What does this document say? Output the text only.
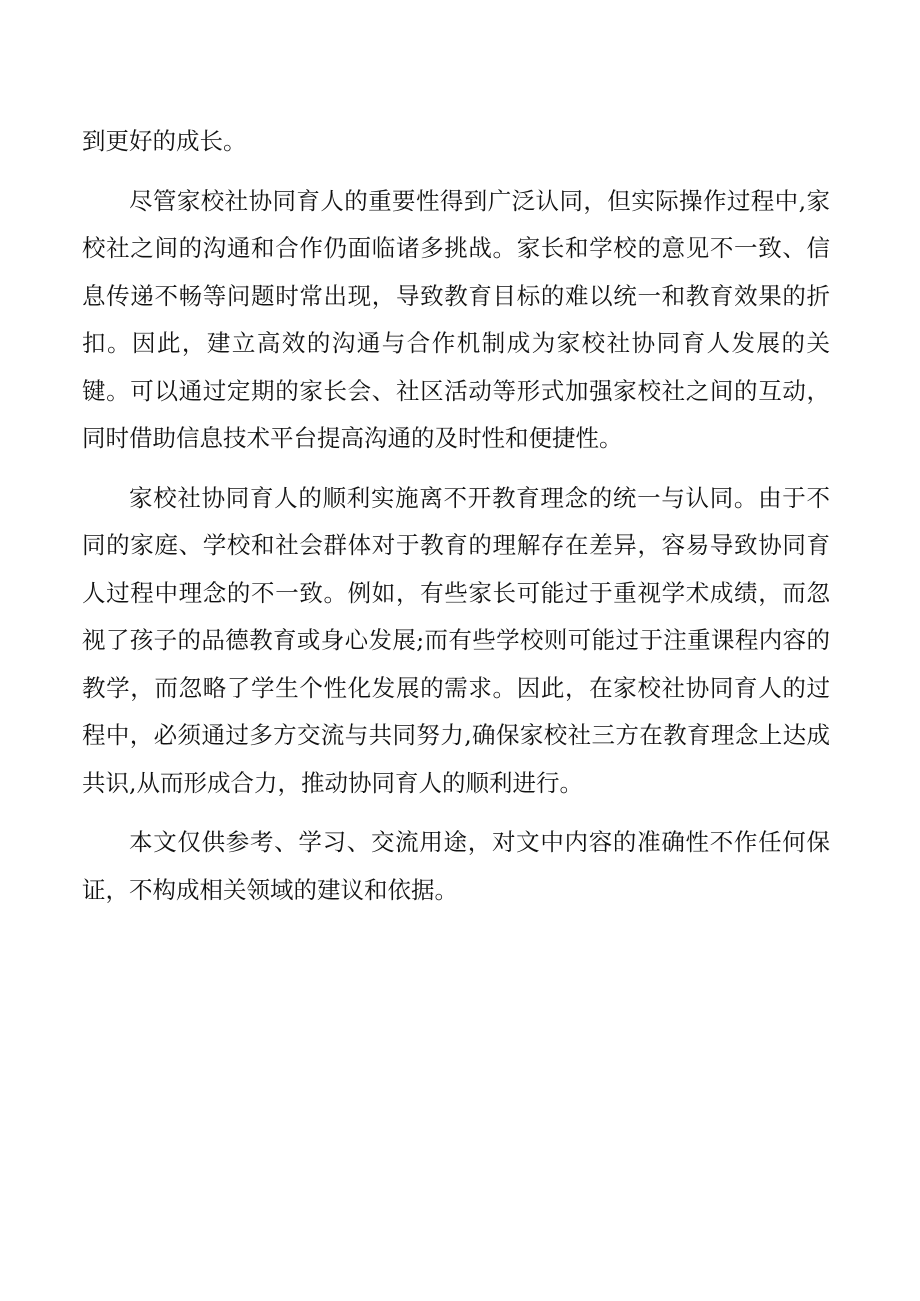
到更好的成长。

尽管家校社协同育人的重要性得到广泛认同，但实际操作过程中,家校社之间的沟通和合作仍面临诸多挑战。家长和学校的意见不一致、信息传递不畅等问题时常出现，导致教育目标的难以统一和教育效果的折扣。因此，建立高效的沟通与合作机制成为家校社协同育人发展的关键。可以通过定期的家长会、社区活动等形式加强家校社之间的互动，同时借助信息技术平台提高沟通的及时性和便捷性。

家校社协同育人的顺利实施离不开教育理念的统一与认同。由于不同的家庭、学校和社会群体对于教育的理解存在差异，容易导致协同育人过程中理念的不一致。例如，有些家长可能过于重视学术成绩，而忽视了孩子的品德教育或身心发展;而有些学校则可能过于注重课程内容的教学，而忽略了学生个性化发展的需求。因此，在家校社协同育人的过程中，必须通过多方交流与共同努力,确保家校社三方在教育理念上达成共识,从而形成合力，推动协同育人的顺利进行。

本文仅供参考、学习、交流用途，对文中内容的准确性不作任何保证，不构成相关领域的建议和依据。
